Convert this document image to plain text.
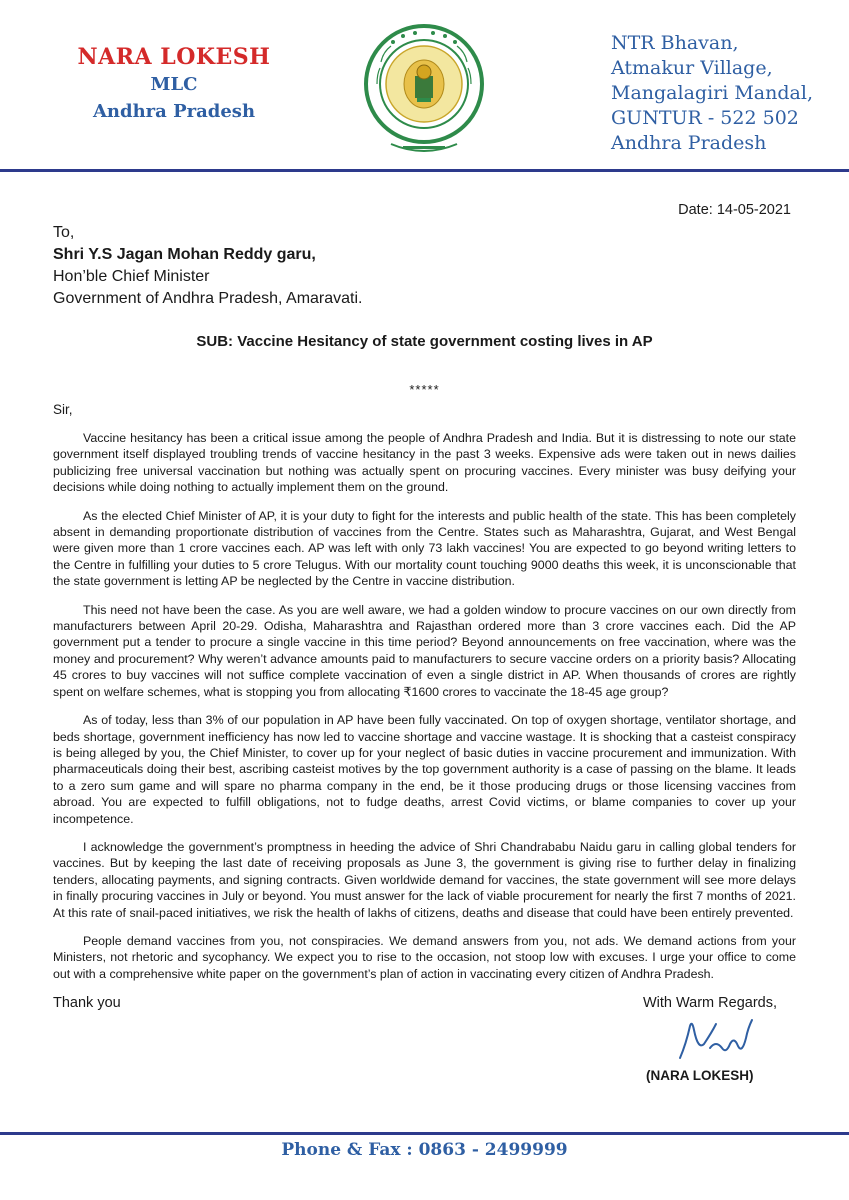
NARA LOKESH
MLC
Andhra Pradesh
NTR Bhavan,
Atmakur Village,
Mangalagiri Mandal,
GUNTUR - 522 502
Andhra Pradesh
Date: 14-05-2021
To,
Shri Y.S Jagan Mohan Reddy garu,
Hon’ble Chief Minister
Government of Andhra Pradesh, Amaravati.
SUB: Vaccine Hesitancy of state government costing lives in AP
*****
Sir,

Vaccine hesitancy has been a critical issue among the people of Andhra Pradesh and India. But it is distressing to note our state government itself displayed troubling trends of vaccine hesitancy in the past 3 weeks. Expensive ads were taken out in news dailies publicizing free universal vaccination but nothing was actually spent on procuring vaccines. Every minister was busy deifying your decisions while doing nothing to actually implement them on the ground.

As the elected Chief Minister of AP, it is your duty to fight for the interests and public health of the state. This has been completely absent in demanding proportionate distribution of vaccines from the Centre. States such as Maharashtra, Gujarat, and West Bengal were given more than 1 crore vaccines each. AP was left with only 73 lakh vaccines! You are expected to go beyond writing letters to the Centre in fulfilling your duties to 5 crore Telugus. With our mortality count touching 9000 deaths this week, it is unconscionable that the state government is letting AP be neglected by the Centre in vaccine distribution.

This need not have been the case. As you are well aware, we had a golden window to procure vaccines on our own directly from manufacturers between April 20-29. Odisha, Maharashtra and Rajasthan ordered more than 3 crore vaccines each. Did the AP government put a tender to procure a single vaccine in this time period? Beyond announcements on free vaccination, where was the money and procurement? Why weren’t advance amounts paid to manufacturers to secure vaccine orders on a priority basis? Allocating 45 crores to buy vaccines will not suffice complete vaccination of even a single district in AP. When thousands of crores are rightly spent on welfare schemes, what is stopping you from allocating ₹1600 crores to vaccinate the 18-45 age group?

As of today, less than 3% of our population in AP have been fully vaccinated. On top of oxygen shortage, ventilator shortage, and beds shortage, government inefficiency has now led to vaccine shortage and vaccine wastage. It is shocking that a casteist conspiracy is being alleged by you, the Chief Minister, to cover up for your neglect of basic duties in vaccine procurement and immunization. With pharmaceuticals doing their best, ascribing casteist motives by the top government authority is a case of passing on the blame. It leads to a zero sum game and will spare no pharma company in the end, be it those producing drugs or those licensing vaccines from abroad. You are expected to fulfill obligations, not to fudge deaths, arrest Covid victims, or blame companies to cover up your incompetence.

I acknowledge the government’s promptness in heeding the advice of Shri Chandrababu Naidu garu in calling global tenders for vaccines. But by keeping the last date of receiving proposals as June 3, the government is giving rise to further delay in finalizing tenders, allocating payments, and signing contracts. Given worldwide demand for vaccines, the state government will see more delays in finally procuring vaccines in July or beyond. You must answer for the lack of viable procurement for nearly the first 7 months of 2021. At this rate of snail-paced initiatives, we risk the health of lakhs of citizens, deaths and disease that could have been entirely prevented.

People demand vaccines from you, not conspiracies. We demand answers from you, not ads. We demand actions from your Ministers, not rhetoric and sycophancy. We expect you to rise to the occasion, not stoop low with excuses. I urge your office to come out with a comprehensive white paper on the government’s plan of action in vaccinating every citizen of Andhra Pradesh.

Thank you	With Warm Regards,
(NARA LOKESH)
Phone & Fax : 0863 - 2499999
